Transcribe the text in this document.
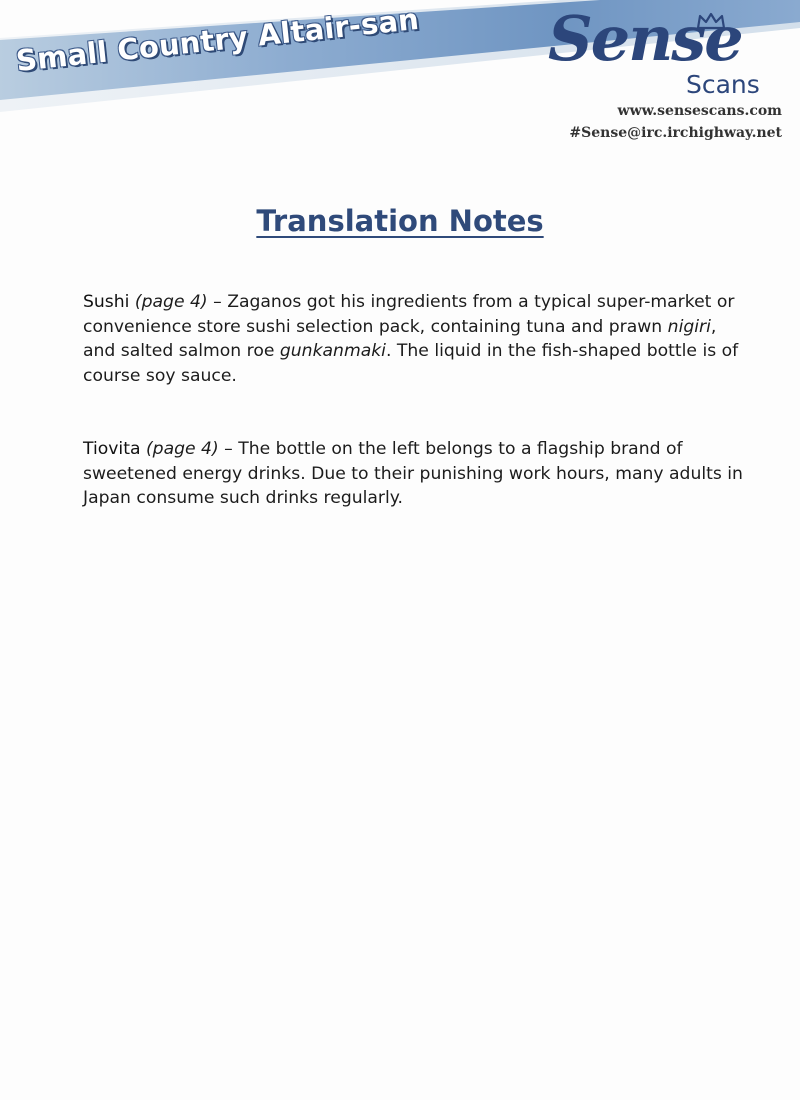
Small Country Altair-san Sense
Scans
www.sensescans.com
#Sense@irc.irchighway.net
Translation Notes
Sushi (page 4) – Zaganos got his ingredients from a typical super-market or convenience store sushi selection pack, containing tuna and prawn nigiri, and salted salmon roe gunkanmaki. The liquid in the fish-shaped bottle is of course soy sauce.
Tiovita (page 4) – The bottle on the left belongs to a flagship brand of sweetened energy drinks. Due to their punishing work hours, many adults in Japan consume such drinks regularly.
